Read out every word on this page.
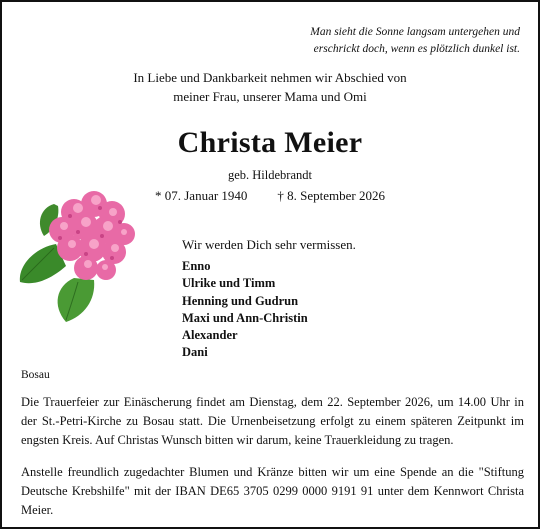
Man sieht die Sonne langsam untergehen und
erschrickt doch, wenn es plötzlich dunkel ist.
In Liebe und Dankbarkeit nehmen wir Abschied von
meiner Frau, unserer Mama und Omi
Christa Meier
geb. Hildebrandt
* 07. Januar 1940 † 8. September 2026
Wir werden Dich sehr vermissen.
Enno
Ulrike und Timm
Henning und Gudrun
Maxi und Ann-Christin
Alexander
Dani
Bosau

Die Trauerfeier zur Einäscherung findet am Dienstag, dem 22. September 2026, um 14.00 Uhr in der St.-Petri-Kirche zu Bosau statt. Die Urnenbeisetzung erfolgt zu einem späteren Zeitpunkt im engsten Kreis. Auf Christas Wunsch bitten wir darum, keine Trauerkleidung zu tragen.

Anstelle freundlich zugedachter Blumen und Kränze bitten wir um eine Spende an die "Stiftung Deutsche Krebshilfe" mit der IBAN DE65 3705 0299 0000 9191 91 unter dem Kennwort Christa Meier.
